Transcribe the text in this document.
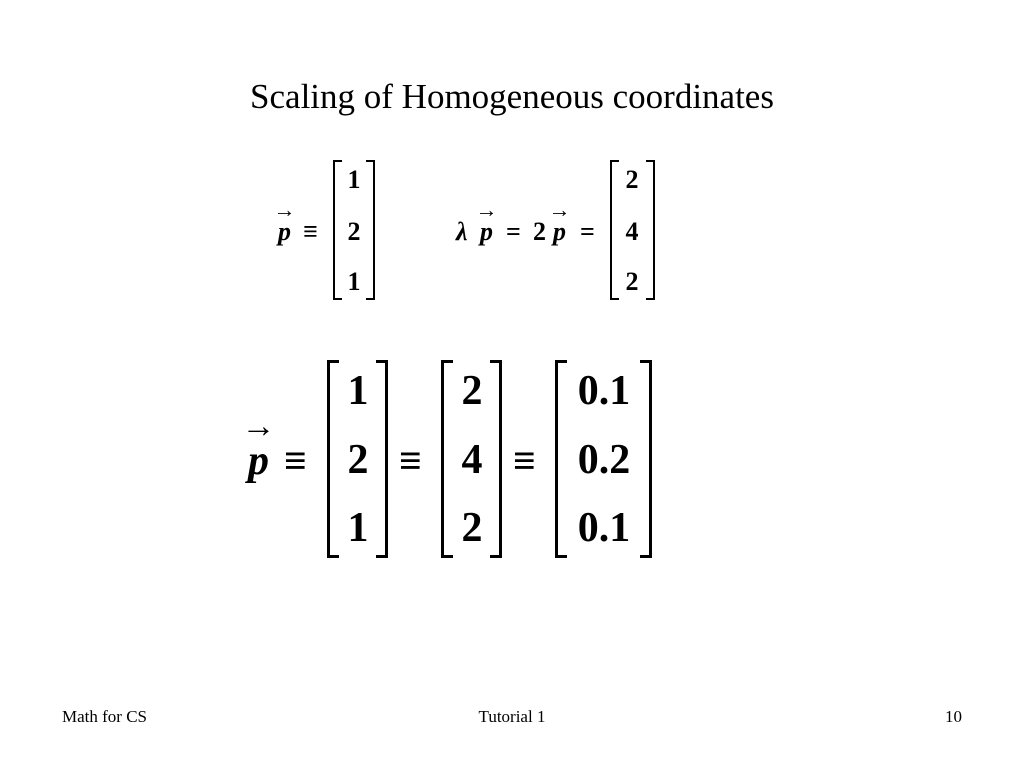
Scaling of Homogeneous coordinates
→
p ≡
1
2
1
λ
→
p = 2
→
p =
2
4
2
→
p ≡
1
2
1
≡
2
4
2
≡
0.1
0.2
0.1
Math for CS	Tutorial 1	10
